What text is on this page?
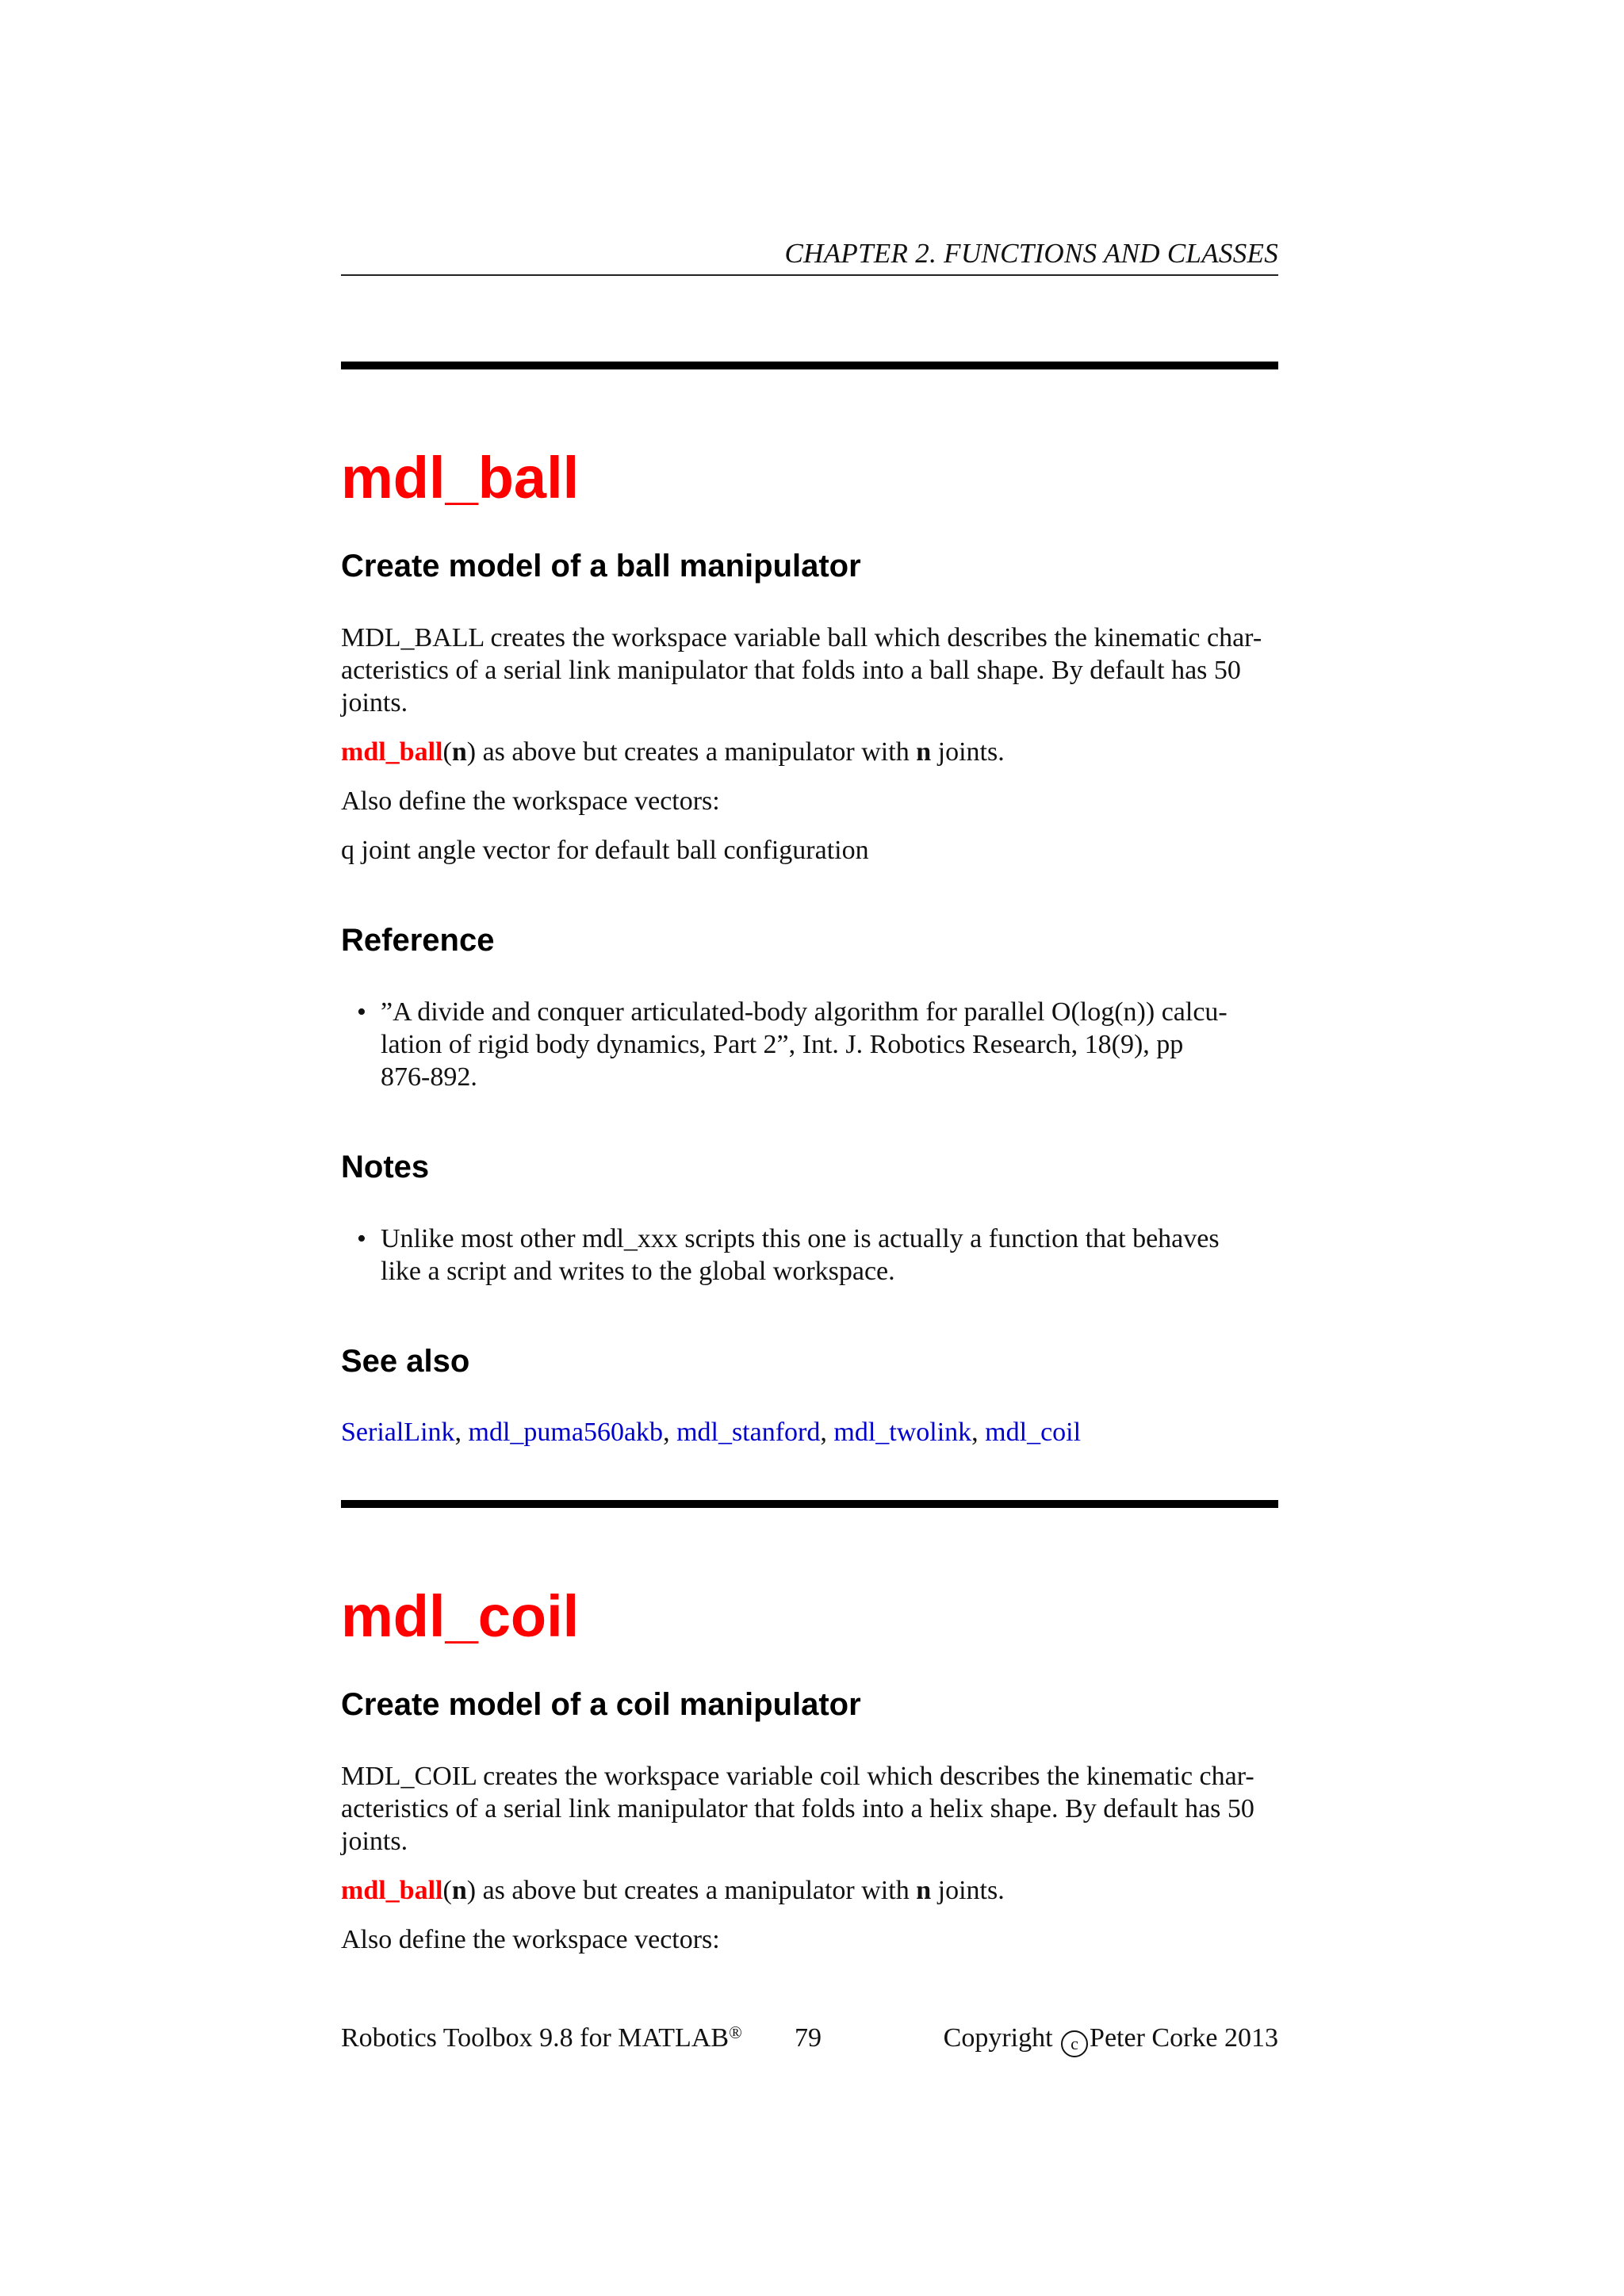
CHAPTER 2. FUNCTIONS AND CLASSES
mdl_ball
Create model of a ball manipulator
MDL_BALL creates the workspace variable ball which describes the kinematic char-
acteristics of a serial link manipulator that folds into a ball shape. By default has 50
joints.
mdl_ball(n) as above but creates a manipulator with n joints.
Also define the workspace vectors:
q joint angle vector for default ball configuration
Reference
• ”A divide and conquer articulated-body algorithm for parallel O(log(n)) calcu-
lation of rigid body dynamics, Part 2”, Int. J. Robotics Research, 18(9), pp
876-892.
Notes
• Unlike most other mdl_xxx scripts this one is actually a function that behaves
like a script and writes to the global workspace.
See also
SerialLink, mdl_puma560akb, mdl_stanford, mdl_twolink, mdl_coil
mdl_coil
Create model of a coil manipulator
MDL_COIL creates the workspace variable coil which describes the kinematic char-
acteristics of a serial link manipulator that folds into a helix shape. By default has 50
joints.
mdl_ball(n) as above but creates a manipulator with n joints.
Also define the workspace vectors:
Robotics Toolbox 9.8 for MATLAB® 79	Copyright c Peter Corke 2013
